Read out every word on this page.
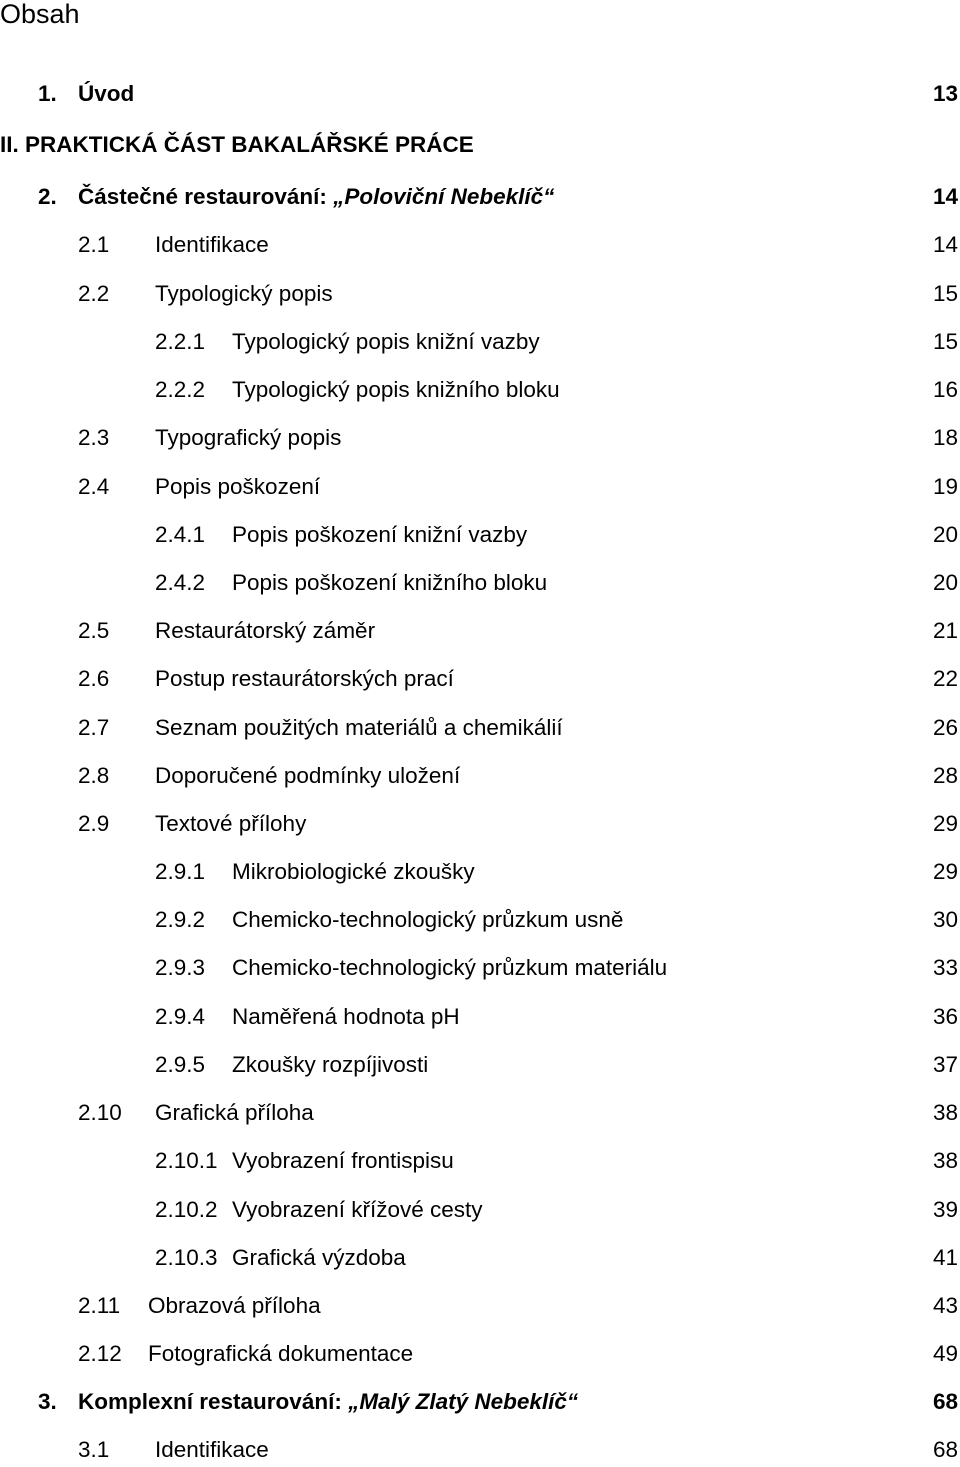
Obsah
1. Úvod	13
II. PRAKTICKÁ ČÁST BAKALÁŘSKÉ PRÁCE
2. Částečné restaurování: „Poloviční Nebeklíč“	14
2.1 Identifikace	14
2.2 Typologický popis	15
2.2.1 Typologický popis knižní vazby	15
2.2.2 Typologický popis knižního bloku	16
2.3 Typografický popis	18
2.4 Popis poškození	19
2.4.1 Popis poškození knižní vazby	20
2.4.2 Popis poškození knižního bloku	20
2.5 Restaurátorský záměr	21
2.6 Postup restaurátorských prací	22
2.7 Seznam použitých materiálů a chemikálií	26
2.8 Doporučené podmínky uložení	28
2.9 Textové přílohy	29
2.9.1 Mikrobiologické zkoušky	29
2.9.2 Chemicko-technologický průzkum usně	30
2.9.3 Chemicko-technologický průzkum materiálu	33
2.9.4 Naměřená hodnota pH	36
2.9.5 Zkoušky rozpíjivosti	37
2.10 Grafická příloha	38
2.10.1 Vyobrazení frontispisu	38
2.10.2 Vyobrazení křížové cesty	39
2.10.3 Grafická výzdoba	41
2.11 Obrazová příloha	43
2.12 Fotografická dokumentace	49
3. Komplexní restaurování: „Malý Zlatý Nebeklíč“	68
3.1 Identifikace	68
